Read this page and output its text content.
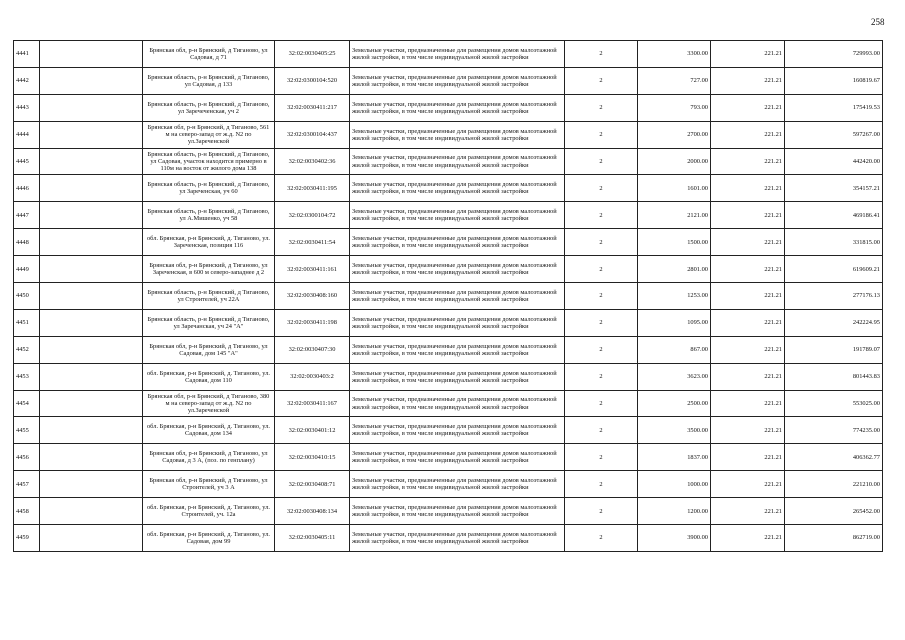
258
4441		Брянская обл, р-н Брянский, д Тиганово, ул Садовая, д 71	32:02:0030405:25	Земельные участки, предназначенные для размещения домов малоэтажной жилой застройки, в том числе индивидуальной жилой застройки	2	3300.00	221.21	729993.00
4442		Брянская область, р-н Брянский, д Тиганово, ул Садовая, д 133	32:02:0300104:520	Земельные участки, предназначенные для размещения домов малоэтажной жилой застройки, в том числе индивидуальной жилой застройки	2	727.00	221.21	160819.67
4443		Брянская область, р-н Брянский, д Тиганово, ул Заречеченская, уч 2	32:02:0030411:217	Земельные участки, предназначенные для размещения домов малоэтажной жилой застройки, в том числе индивидуальной жилой застройки	2	793.00	221.21	175419.53
4444		Брянская обл, р-н Брянский, д Тиганово, 561 м на северо-запад от ж.д. N2 по ул.Зареченской	32:02:0300104:437	Земельные участки, предназначенные для размещения домов малоэтажной жилой застройки, в том числе индивидуальной жилой застройки	2	2700.00	221.21	597267.00
4445		Брянская область, р-н Брянский, д Тиганово, ул Садовая, участок находится примерно в 110м на восток от жилого дома 138	32:02:0030402:36	Земельные участки, предназначенные для размещения домов малоэтажной жилой застройки, в том числе индивидуальной жилой застройки	2	2000.00	221.21	442420.00
4446		Брянская область, р-н Брянский, д Тиганово, ул Зареченская, уч 60	32:02:0030411:195	Земельные участки, предназначенные для размещения домов малоэтажной жилой застройки, в том числе индивидуальной жилой застройки	2	1601.00	221.21	354157.21
4447		Брянская область, р-н Брянский, д Тиганово, ул А.Мишенко, уч 58	32:02:0300104:72	Земельные участки, предназначенные для размещения домов малоэтажной жилой застройки, в том числе индивидуальной жилой застройки	2	2121.00	221.21	469186.41
4448		обл. Брянская, р-н Брянский, д. Тиганово, ул. Зареченская, позиция 116	32:02:0030411:54	Земельные участки, предназначенные для размещения домов малоэтажной жилой застройки, в том числе индивидуальной жилой застройки	2	1500.00	221.21	331815.00
4449		Брянская обл, р-н Брянский, д Тиганово, ул Зареченская, в 600 м северо-западнее д 2	32:02:0030411:161	Земельные участки, предназначенные для размещения домов малоэтажной жилой застройки, в том числе индивидуальной жилой застройки	2	2801.00	221.21	619609.21
4450		Брянская область, р-н Брянский, д Тиганово, ул Строителей, уч 22А	32:02:0030408:160	Земельные участки, предназначенные для размещения домов малоэтажной жилой застройки, в том числе индивидуальной жилой застройки	2	1253.00	221.21	277176.13
4451		Брянская область, р-н Брянский, д Тиганово, ул Заречанская, уч 24 "А"	32:02:0030411:198	Земельные участки, предназначенные для размещения домов малоэтажной жилой застройки, в том числе индивидуальной жилой застройки	2	1095.00	221.21	242224.95
4452		Брянская обл, р-н Брянский, д Тиганово, ул Садовая, дом 145 "А"	32:02:0030407:30	Земельные участки, предназначенные для размещения домов малоэтажной жилой застройки, в том числе индивидуальной жилой застройки	2	867.00	221.21	191789.07
4453		обл. Брянская, р-н Брянский, д. Тиганово, ул. Садовая, дом 110	32:02:0030403:2	Земельные участки, предназначенные для размещения домов малоэтажной жилой застройки, в том числе индивидуальной жилой застройки	2	3623.00	221.21	801443.83
4454		Брянская обл, р-н Брянский, д Тиганово, 380 м на северо-запад от ж.д. N2 по ул.Зареченской	32:02:0030411:167	Земельные участки, предназначенные для размещения домов малоэтажной жилой застройки, в том числе индивидуальной жилой застройки	2	2500.00	221.21	553025.00
4455		обл. Брянская, р-н Брянский, д. Тиганово, ул. Садовая, дом 134	32:02:0030401:12	Земельные участки, предназначенные для размещения домов малоэтажной жилой застройки, в том числе индивидуальной жилой застройки	2	3500.00	221.21	774235.00
4456		Брянская обл, р-н Брянский, д Тиганово, ул Садовая, д 3 А, (поз. по генплану)	32:02:0030410:15	Земельные участки, предназначенные для размещения домов малоэтажной жилой застройки, в том числе индивидуальной жилой застройки	2	1837.00	221.21	406362.77
4457		Брянская обл, р-н Брянский, д Тиганово, ул Строителей, уч 3 А	32:02:0030408:71	Земельные участки, предназначенные для размещения домов малоэтажной жилой застройки, в том числе индивидуальной жилой застройки	2	1000.00	221.21	221210.00
4458		обл. Брянская, р-н Брянский, д. Тиганово, ул. Строителей, уч. 12а	32:02:0030408:134	Земельные участки, предназначенные для размещения домов малоэтажной жилой застройки, в том числе индивидуальной жилой застройки	2	1200.00	221.21	265452.00
4459		обл. Брянская, р-н Брянский, д. Тиганово, ул. Садовая, дом 99	32:02:0030405:11	Земельные участки, предназначенные для размещения домов малоэтажной жилой застройки, в том числе индивидуальной жилой застройки	2	3900.00	221.21	862719.00
